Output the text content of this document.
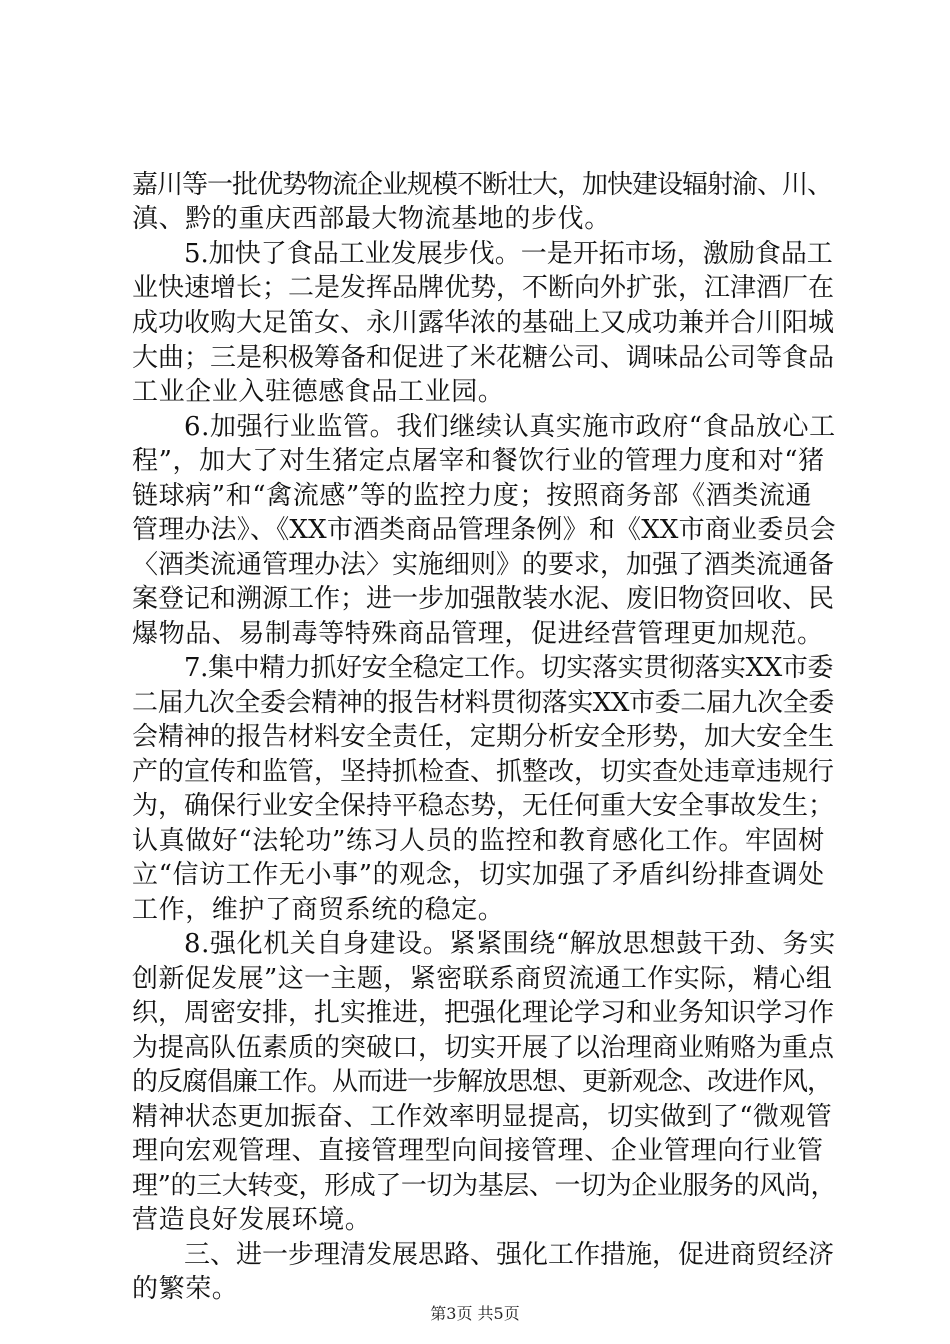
嘉川等一批优势物流企业规模不断壮大，加快建设辐射渝、川、
滇、黔的重庆西部最大物流基地的步伐。
5.加快了食品工业发展步伐。一是开拓市场，激励食品工
业快速增长；二是发挥品牌优势，不断向外扩张，江津酒厂在
成功收购大足笛女、永川露华浓的基础上又成功兼并合川阳城
大曲；三是积极筹备和促进了米花糖公司、调味品公司等食品
工业企业入驻德感食品工业园。
6.加强行业监管。我们继续认真实施市政府“食品放心工
程”，加大了对生猪定点屠宰和餐饮行业的管理力度和对“猪
链球病”和“禽流感”等的监控力度；按照商务部《酒类流通
管理办法》、《XX市酒类商品管理条例》和《XX市商业委员会
〈酒类流通管理办法〉实施细则》的要求，加强了酒类流通备
案登记和溯源工作；进一步加强散装水泥、废旧物资回收、民
爆物品、易制毒等特殊商品管理，促进经营管理更加规范。
7.集中精力抓好安全稳定工作。切实落实贯彻落实XX市委
二届九次全委会精神的报告材料贯彻落实XX市委二届九次全委
会精神的报告材料安全责任，定期分析安全形势，加大安全生
产的宣传和监管，坚持抓检查、抓整改，切实查处违章违规行
为，确保行业安全保持平稳态势，无任何重大安全事故发生；
认真做好“法轮功”练习人员的监控和教育感化工作。牢固树
立“信访工作无小事”的观念，切实加强了矛盾纠纷排查调处
工作，维护了商贸系统的稳定。
8.强化机关自身建设。紧紧围绕“解放思想鼓干劲、务实
创新促发展”这一主题，紧密联系商贸流通工作实际，精心组
织，周密安排，扎实推进，把强化理论学习和业务知识学习作
为提高队伍素质的突破口，切实开展了以治理商业贿赂为重点
的反腐倡廉工作。从而进一步解放思想、更新观念、改进作风，
精神状态更加振奋、工作效率明显提高，切实做到了“微观管
理向宏观管理、直接管理型向间接管理、企业管理向行业管
理”的三大转变，形成了一切为基层、一切为企业服务的风尚，
营造良好发展环境。
三、进一步理清发展思路、强化工作措施，促进商贸经济
的繁荣。
第3页 共5页
